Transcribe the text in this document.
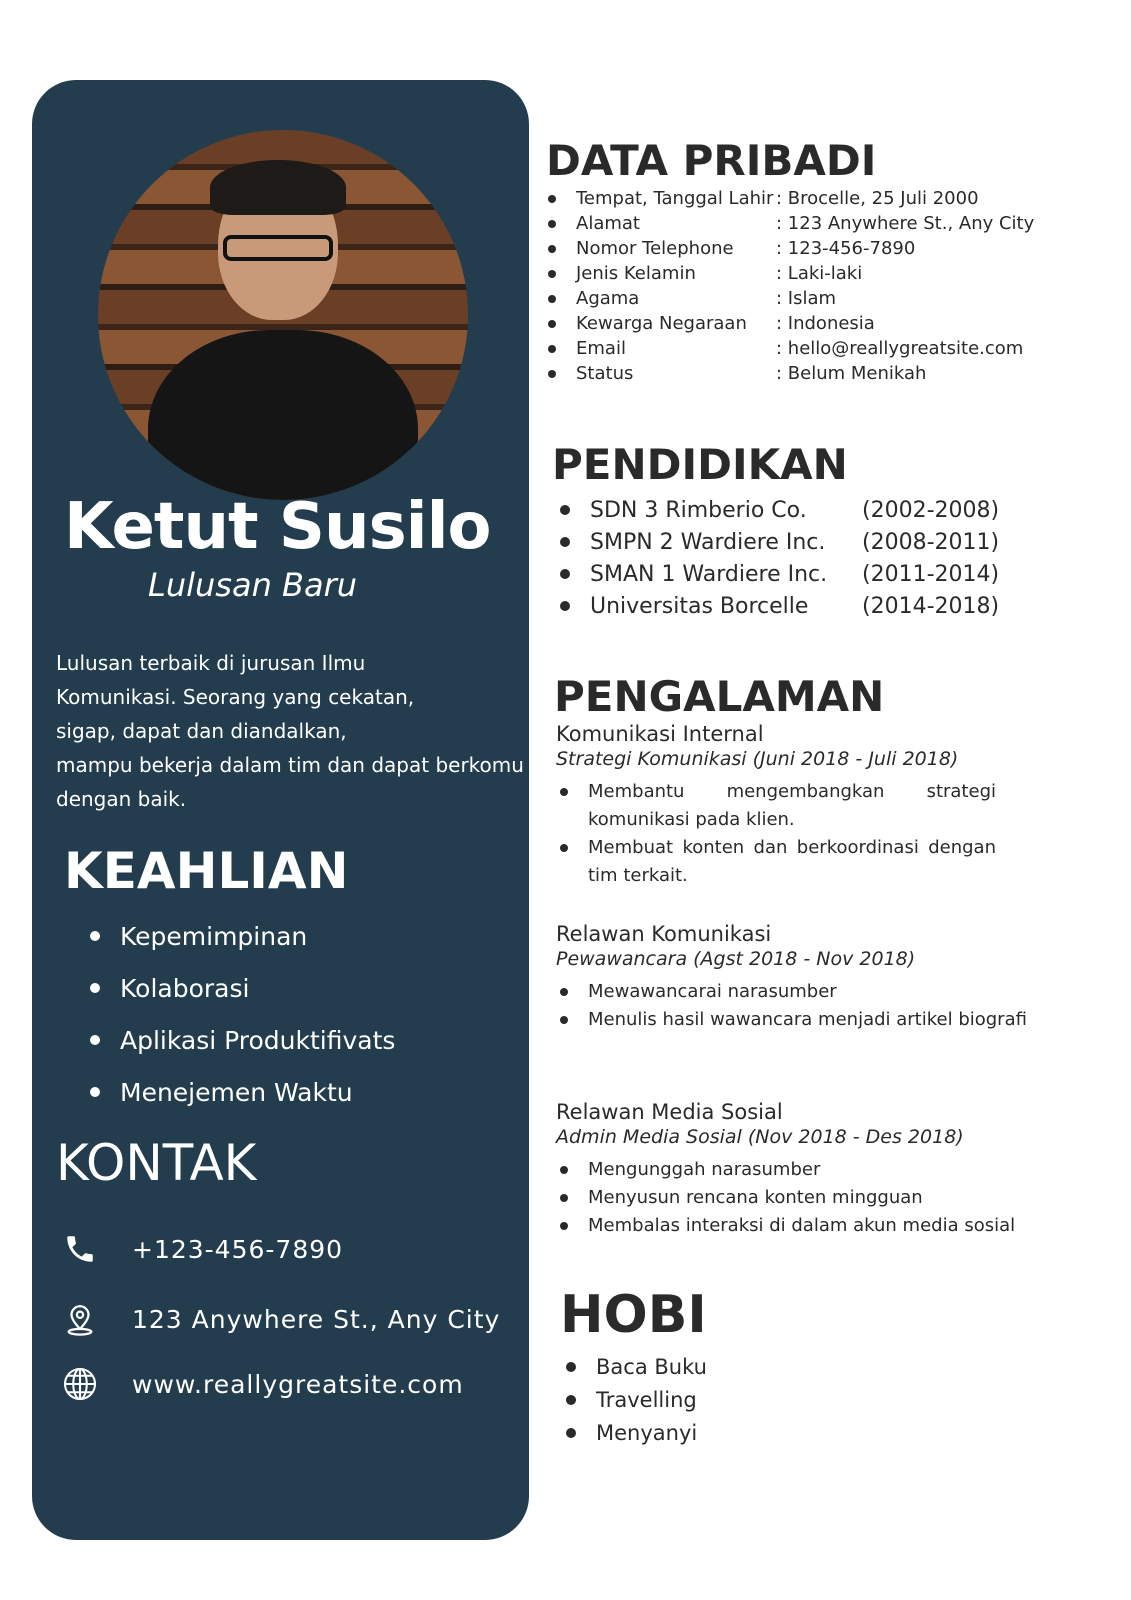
Ketut Susilo
Lulusan Baru
Lulusan terbaik di jurusan Ilmu
Komunikasi. Seorang yang cekatan,
sigap, dapat dan diandalkan,
mampu bekerja dalam tim dan dapat berkomu
dengan baik.
KEAHLIAN
Kepemimpinan
Kolaborasi
Aplikasi Produktifivats
Menejemen Waktu
KONTAK
+123-456-7890
123 Anywhere St., Any City
www.reallygreatsite.com
DATA PRIBADI
Tempat, Tanggal Lahir : Brocelle, 25 Juli 2000
Alamat	: 123 Anywhere St., Any City
Nomor Telephone	: 123-456-7890
Jenis Kelamin	: Laki-laki
Agama	: Islam
Kewarga Negaraan	: Indonesia
Email	: hello@reallygreatsite.com
Status	: Belum Menikah
PENDIDIKAN
SDN 3 Rimberio Co.	(2002-2008)
SMPN 2 Wardiere Inc.	(2008-2011)
SMAN 1 Wardiere Inc.	(2011-2014)
Universitas Borcelle	(2014-2018)
PENGALAMAN
Komunikasi Internal
Strategi Komunikasi (Juni 2018 - Juli 2018)
Membantu mengembangkan strategi komunikasi pada klien.
Membuat konten dan berkoordinasi dengan tim terkait.
Relawan Komunikasi
Pewawancara (Agst 2018 - Nov 2018)
Mewawancarai narasumber
Menulis hasil wawancara menjadi artikel biografi
Relawan Media Sosial
Admin Media Sosial (Nov 2018 - Des 2018)
Mengunggah narasumber
Menyusun rencana konten mingguan
Membalas interaksi di dalam akun media sosial
HOBI
Baca Buku
Travelling
Menyanyi
